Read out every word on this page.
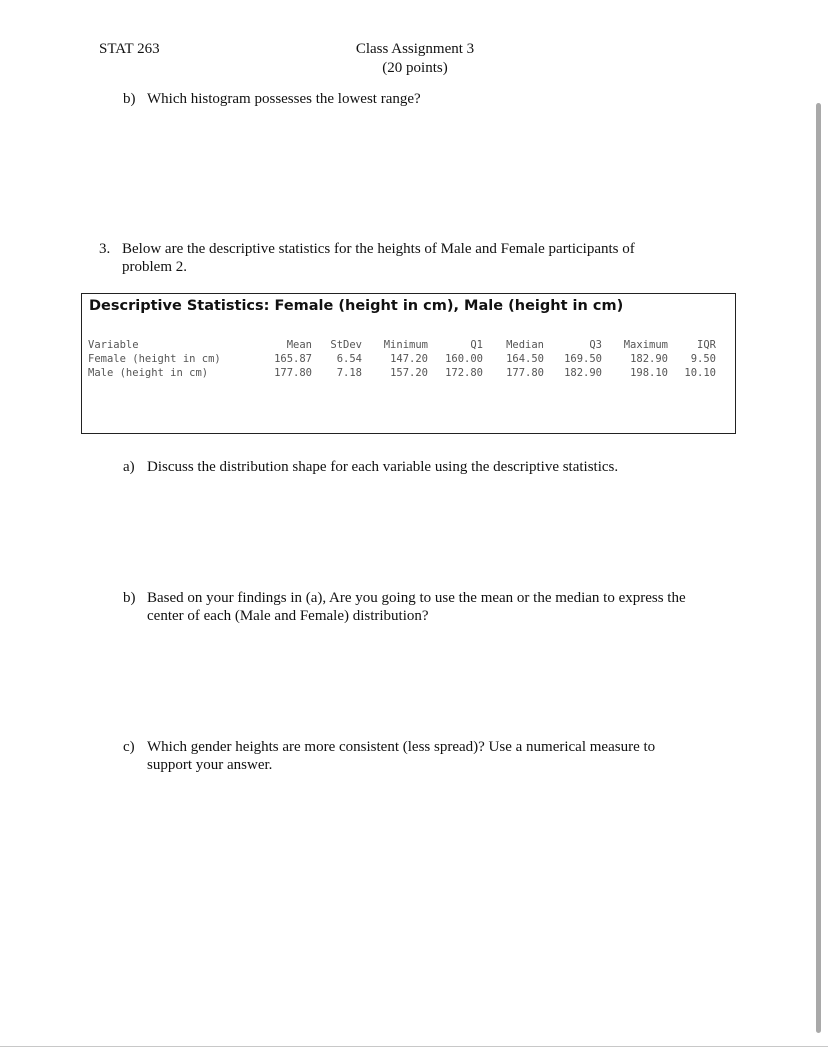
STAT 263	Class Assignment 3
(20 points)
b) Which histogram possesses the lowest range?
3. Below are the descriptive statistics for the heights of Male and Female participants of
problem 2.
Descriptive Statistics: Female (height in cm), Male (height in cm)
Variable	Mean StDev Minimum	Q1 Median	Q3 Maximum	IQR
Female (height in cm)	165.87 6.54	147.20 160.00 164.50 169.50	182.90 9.50
Male (height in cm)	177.80 7.18	157.20 172.80 177.80 182.90	198.10 10.10
a) Discuss the distribution shape for each variable using the descriptive statistics.
b) Based on your findings in (a), Are you going to use the mean or the median to express the
center of each (Male and Female) distribution?
c) Which gender heights are more consistent (less spread)? Use a numerical measure to
support your answer.
